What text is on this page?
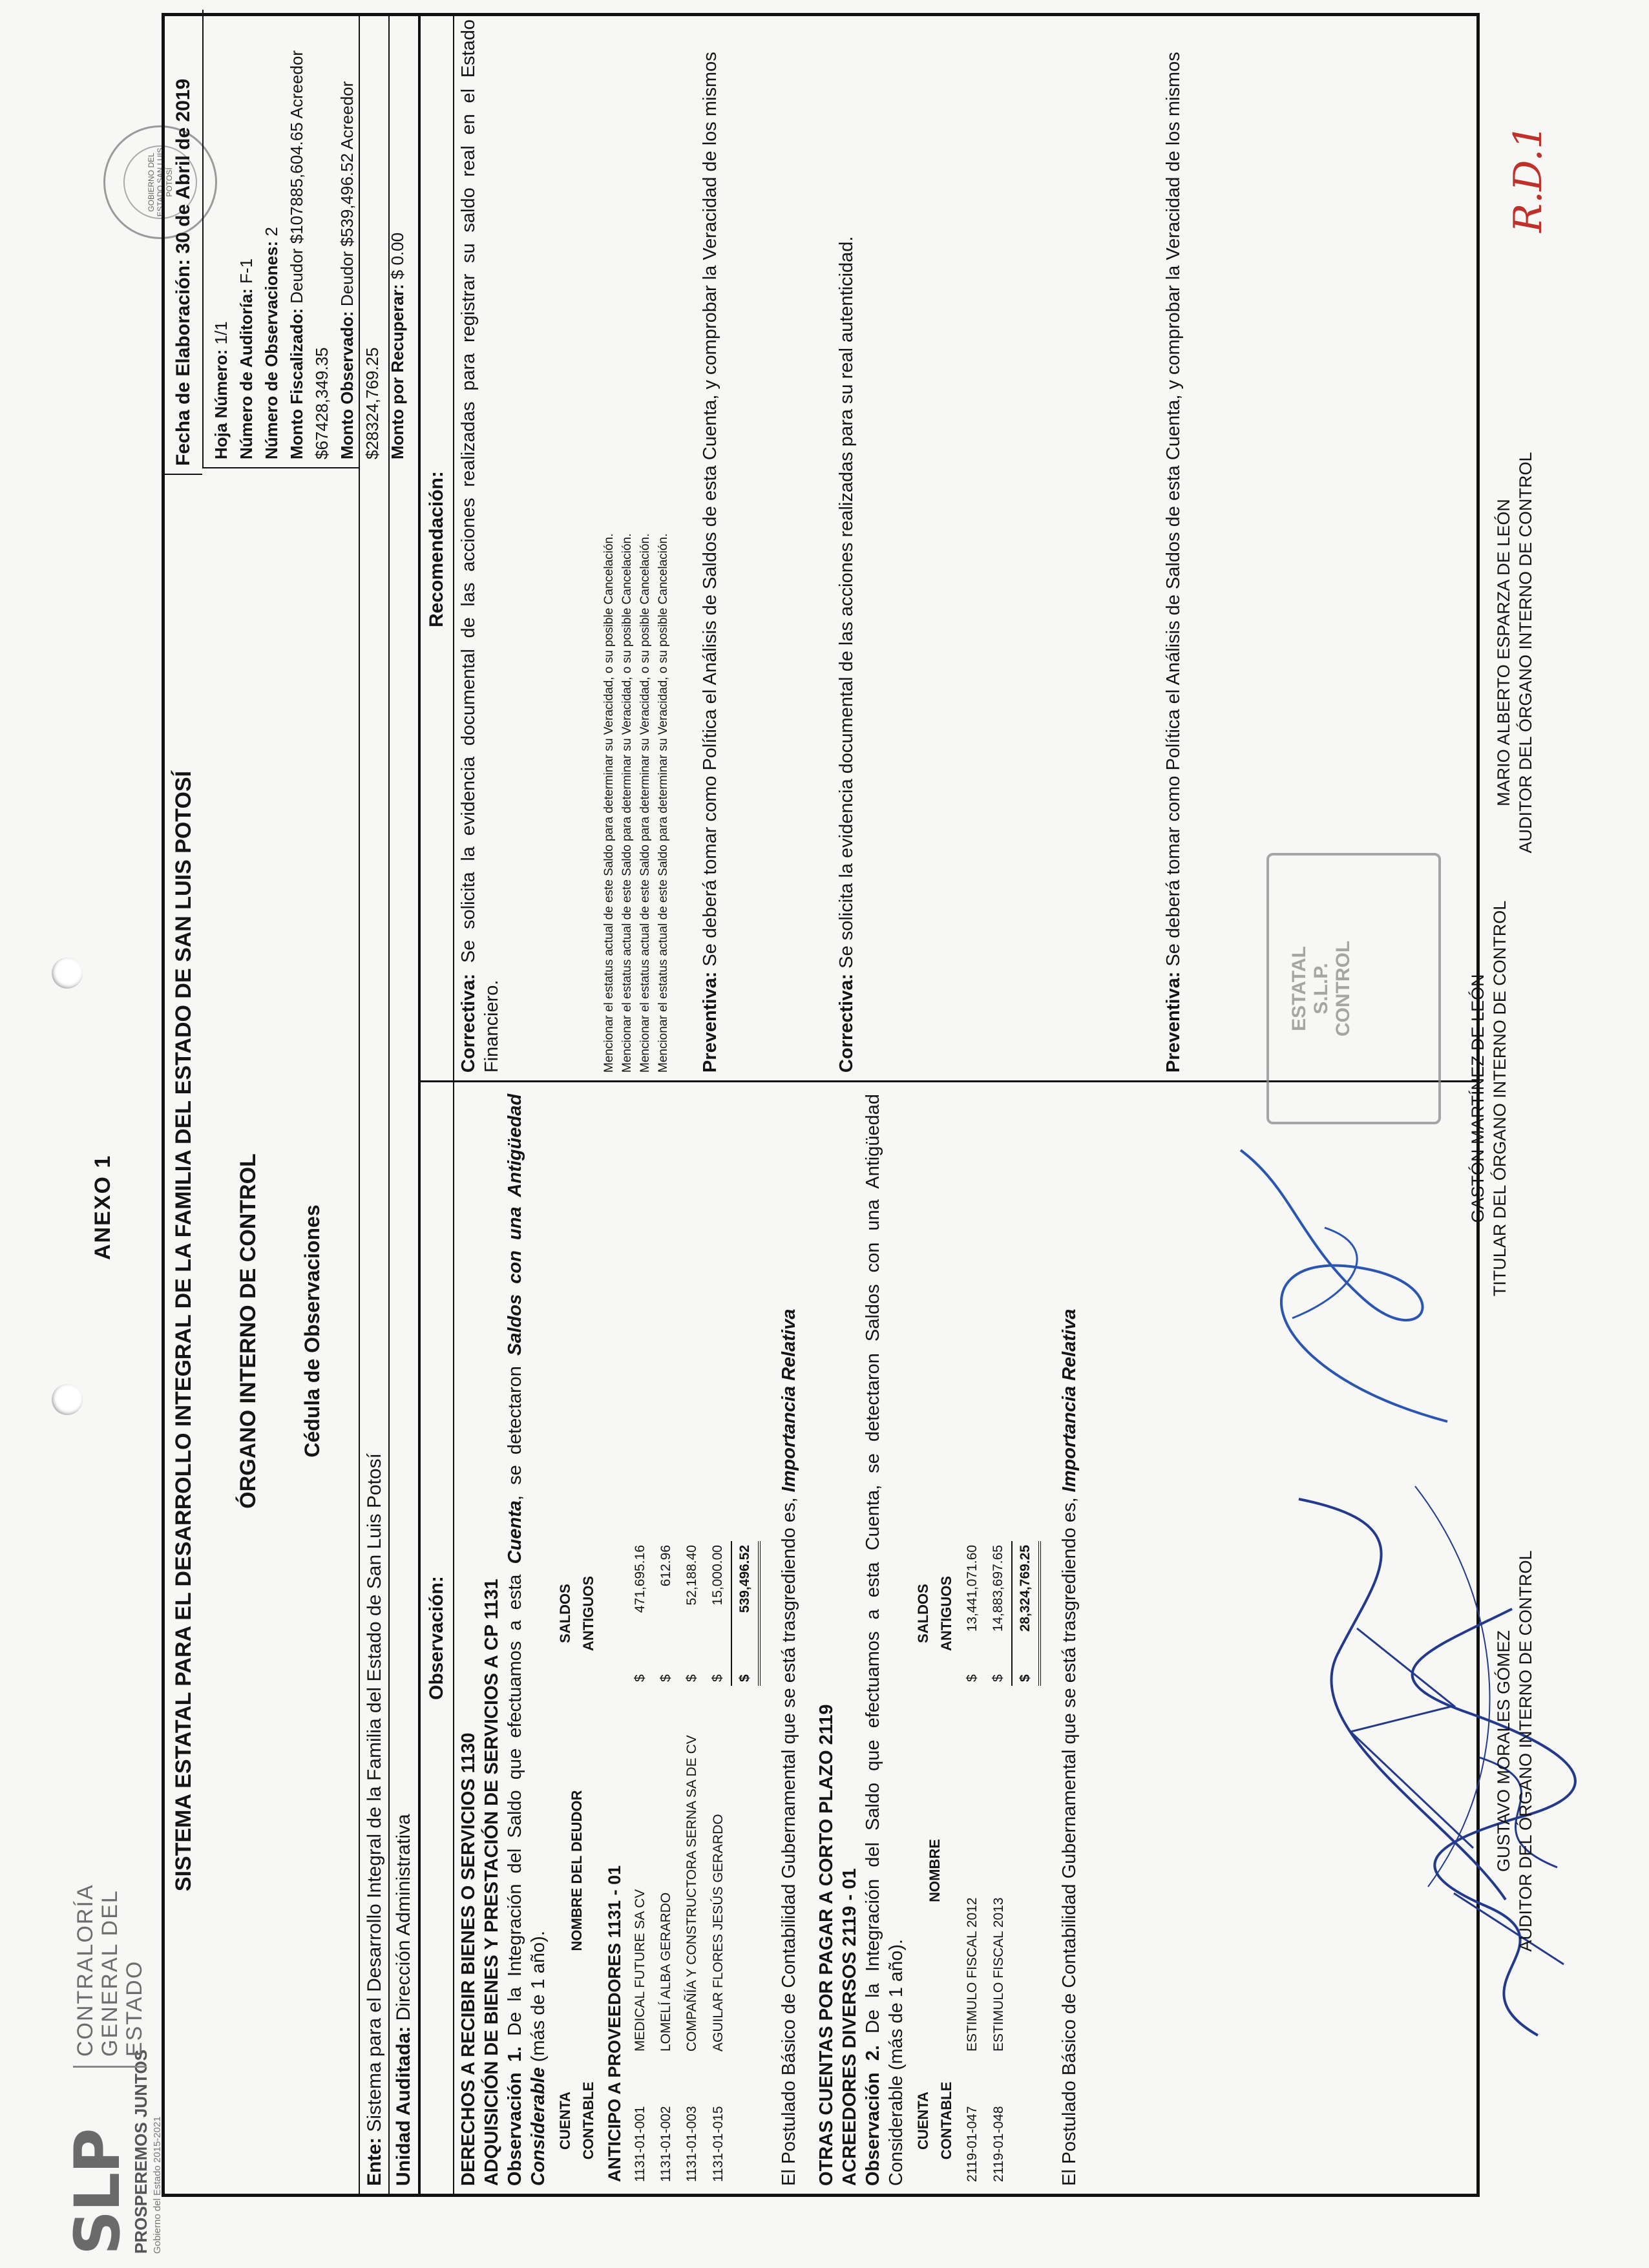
ANEXO 1
GOBIERNO DEL ESTADO SAN LUIS POTOSÍ
SLP
PROSPEREMOS JUNTOS Gobierno del Estado 2015-2021
CONTRALORÍA GENERAL DEL ESTADO
Fecha de Elaboración: 30 de Abril de 2019
SISTEMA ESTATAL PARA EL DESARROLLO INTEGRAL DE LA FAMILIA DEL ESTADO DE SAN LUIS POTOSÍ ÓRGANO INTERNO DE CONTROL Cédula de Observaciones
Hoja Número: 1/1 Número de Auditoría: F-1 Número de Observaciones: 2
Monto Fiscalizado: Deudor $107885,604.65 Acreedor $67428,349.35 Monto Observado: Deudor $539,496.52 Acreedor $28324,769.25 Monto por Recuperar: $ 0.00
Ente: Sistema para el Desarrollo Integral de la Familia del Estado de San Luis Potosí Unidad Auditada: Dirección Administrativa
Observación:
Recomendación:

DERECHOS A RECIBIR BIENES O SERVICIOS 1130 ADQUISICIÓN DE BIENES Y PRESTACIÓN DE SERVICIOS A CP 1131 Observación 1. De la Integración del Saldo que efectuamos a esta Cuenta, se detectaron Saldos con una Antigüedad Considerable (más de 1 año).

CUENTA CONTABLE	NOMBRE DEL DEUDOR	SALDOS ANTIGUOS	
ANTICIPO A PROVEEDORES 1131 - 01			
1131-01-001	MEDICAL FUTURE SA CV	$	471,695.16
1131-01-002	LOMELÍ ALBA GERARDO	$	612.96
1131-01-003	COMPAÑÍA Y CONSTRUCTORA SERNA SA DE CV	$	52,188.40
1131-01-015	AGUILAR FLORES JESÚS GERARDO	$	15,000.00
		$	539,496.52 El Postulado Básico de Contabilidad Gubernamental que se está trasgrediendo es, Importancia Relativa

OTRAS CUENTAS POR PAGAR A CORTO PLAZO 2119 ACREEDORES DIVERSOS 2119 - 01 Observación 2. De la Integración del Saldo que efectuamos a esta Cuenta, se detectaron Saldos con una Antigüedad Considerable (más de 1 año). CUENTA CONTABLE	NOMBRE	SALDOS ANTIGUOS	
2119-01-047	ESTIMULO FISCAL 2012	$	13,441,071.60
2119-01-048	ESTIMULO FISCAL 2013	$	14,883,697.65
		$	28,324,769.25 El Postulado Básico de Contabilidad Gubernamental que se está trasgrediendo es, Importancia Relativa

Correctiva: Se solicita la evidencia documental de las acciones realizadas para registrar su saldo real en el Estado Financiero.	Mencionar el estatus actual de este Saldo para determinar su Veracidad, o su posible Cancelación. Mencionar el estatus actual de este Saldo para determinar su Veracidad, o su posible Cancelación. Mencionar el estatus actual de este Saldo para determinar su Veracidad, o su posible Cancelación. Mencionar el estatus actual de este Saldo para determinar su Veracidad, o su posible Cancelación. Preventiva: Se deberá tomar como Política el Análisis de Saldos de esta Cuenta, y comprobar la Veracidad de los mismos

Correctiva: Se solicita la evidencia documental de las acciones realizadas para su real autenticidad.

Preventiva: Se deberá tomar como Política el Análisis de Saldos de esta Cuenta, y comprobar la Veracidad de los mismos

ESTATAL S.L.P. CONTROL
MARIO ALBERTO ESPARZA DE LEÓN AUDITOR DEL ÓRGANO INTERNO DE CONTROL
GASTÓN MARTÍNEZ DE LEÓN TITULAR DEL ÓRGANO INTERNO DE CONTROL
GUSTAVO MORALES GÓMEZ AUDITOR DEL ÓRGANO INTERNO DE CONTROL
R.D.1
